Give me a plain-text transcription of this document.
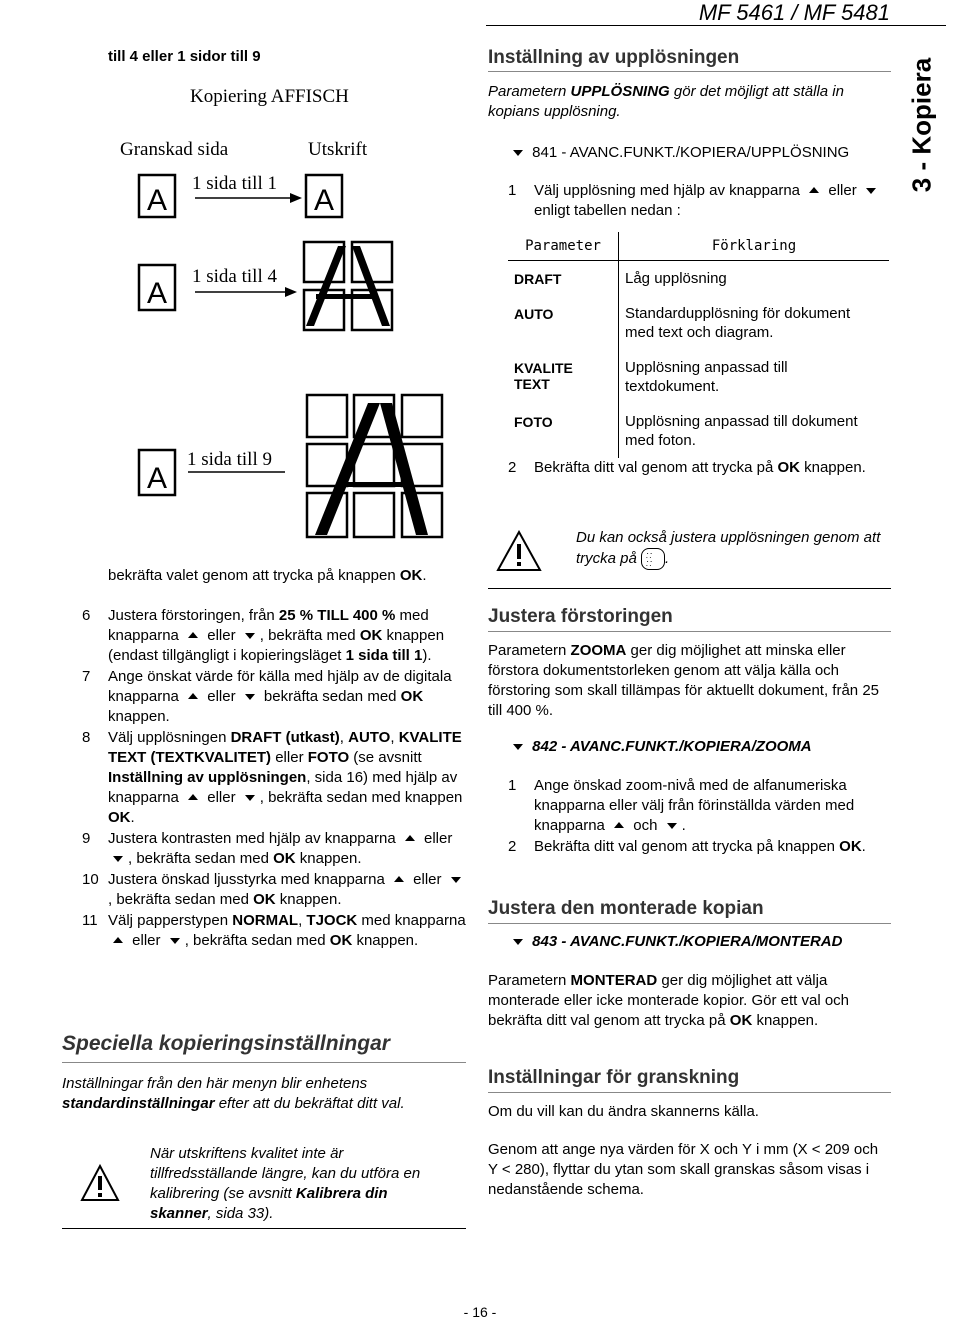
MF 5461 / MF 5481
3 - Kopiera
till 4 eller 1 sidor till 9
Kopiering AFFISCH
Granskad sida	Utskrift
A	A
A
A
1 sida till 1
1 sida till 4
1 sida till 9
bekräfta valet genom att trycka på knappen OK.
6 Justera förstoringen, från 25 % TILL 400 % med knapparna  eller , bekräfta med OK knappen (endast tillgängligt i kopieringsläget 1 sida till 1).
7 Ange önskat värde för källa med hjälp av de digitala knapparna  eller  bekräfta sedan med OK knappen.
8 Välj upplösningen DRAFT (utkast), AUTO, KVALITE TEXT (TEXTKVALITET) eller FOTO (se avsnitt Inställning av upplösningen, sida 16) med hjälp av knapparna  eller , bekräfta sedan med knappen OK.
9 Justera kontrasten med hjälp av knapparna  eller , bekräfta sedan med OK knappen.
10 Justera önskad ljusstyrka med knapparna  eller , bekräfta sedan med OK knappen.
11 Välj papperstypen NORMAL, TJOCK med knapparna  eller , bekräfta sedan med OK knappen.
Speciella kopieringsinställningar
Inställningar från den här menyn blir enhetens standardinställningar efter att du bekräftat ditt val.
När utskriftens kvalitet inte är tillfredsställande längre, kan du utföra en kalibrering (se avsnitt Kalibrera din skanner, sida 33).
Inställning av upplösningen
Parametern UPPLÖSNING gör det möjligt att ställa in kopians upplösning.
841 - AVANC.FUNKT./KOPIERA/UPPLÖSNING
1 Välj upplösning med hjälp av knapparna  eller  enligt tabellen nedan :
Parameter	Förklaring
DRAFT	Låg upplösning
AUTO	Standardupplösning för dokument med text och diagram.
KVALITE TEXT	Upplösning anpassad till textdokument.
FOTO	Upplösning anpassad till dokument med foton.
2 Bekräfta ditt val genom att trycka på OK knappen.
Du kan också justera upplösningen genom att trycka på ::
:: .
Justera förstoringen
Parametern ZOOMA ger dig möjlighet att minska eller förstora dokumentstorleken genom att välja källa och förstoring som skall tillämpas för aktuellt dokument, från 25 till 400 %.
842 - AVANC.FUNKT./KOPIERA/ZOOMA
1 Ange önskad zoom-nivå med de alfanumeriska knapparna eller välj från förinställda värden med knapparna  och .
2 Bekräfta ditt val genom att trycka på knappen OK.
Justera den monterade kopian
843 - AVANC.FUNKT./KOPIERA/MONTERAD
Parametern MONTERAD ger dig möjlighet att välja monterade eller icke monterade kopior. Gör ett val och bekräfta ditt val genom att trycka på OK knappen.
Inställningar för granskning
Om du vill kan du ändra skannerns källa.
Genom att ange nya värden för X och Y i mm (X < 209 och Y < 280), flyttar du ytan som skall granskas såsom visas i nedanstående schema.
- 16 -
